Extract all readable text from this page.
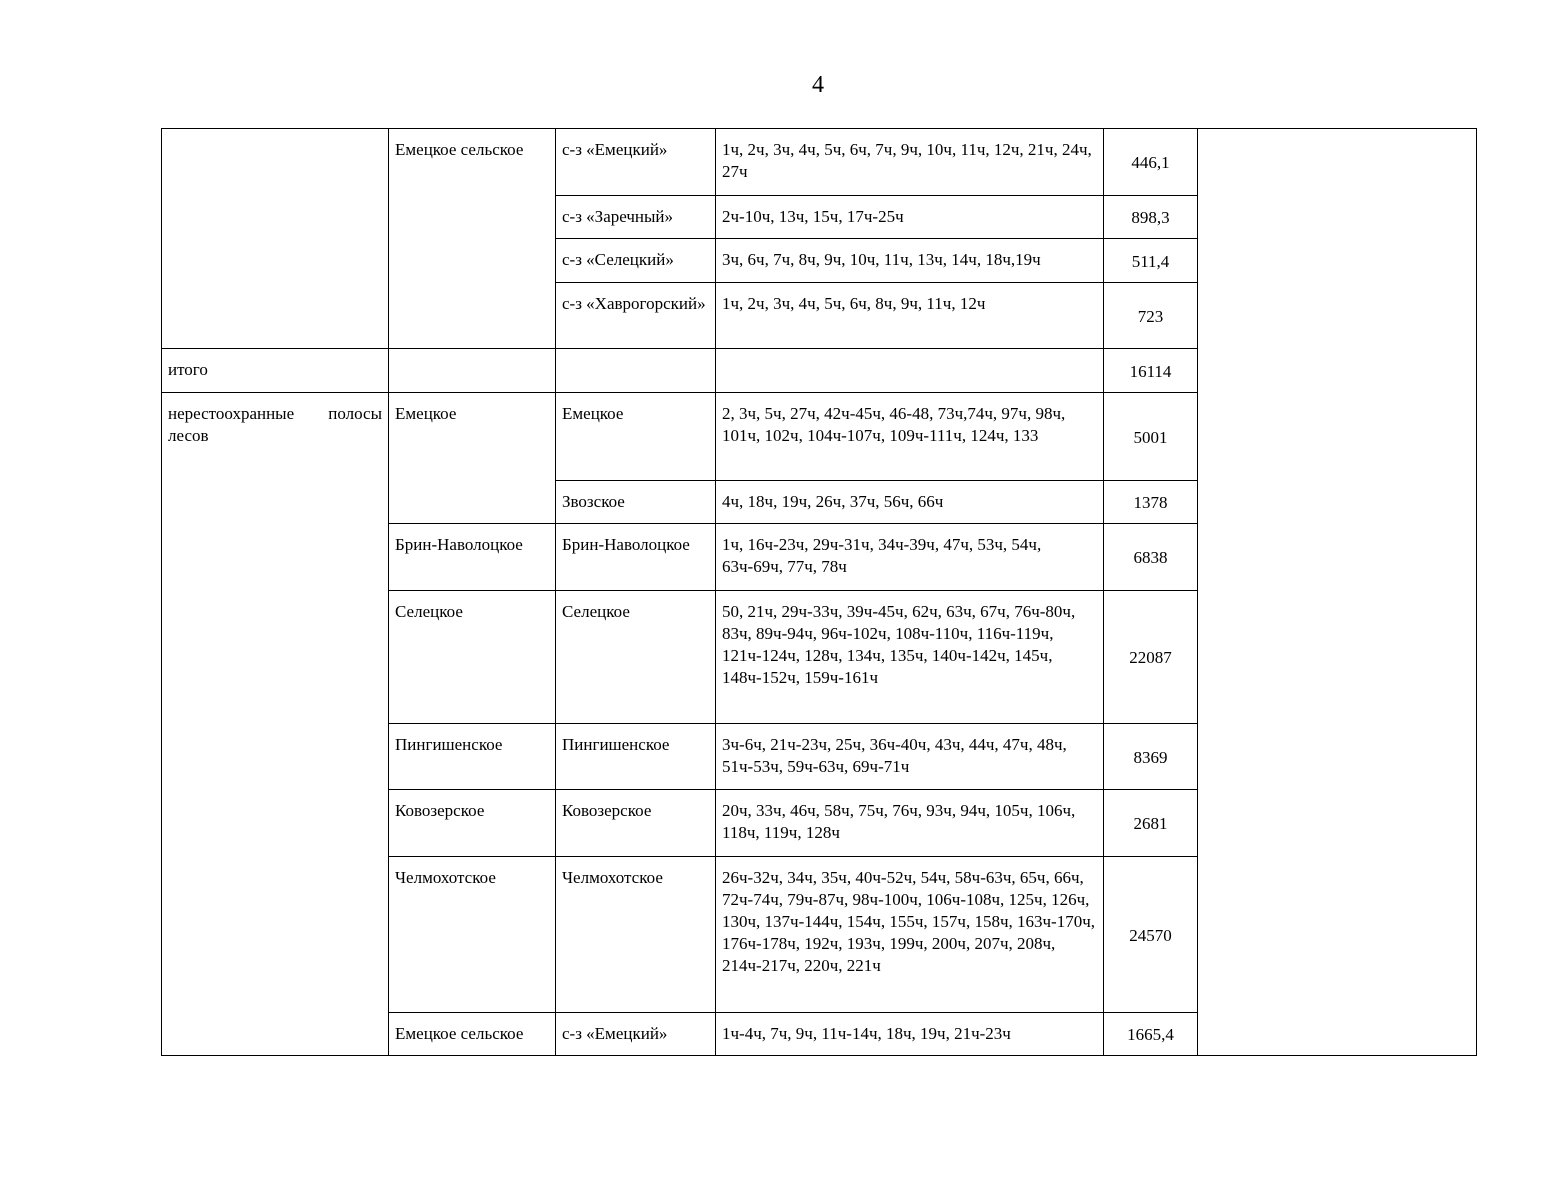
4
	Емецкое сельское	с-з «Емецкий»	1ч, 2ч, 3ч, 4ч, 5ч, 6ч, 7ч, 9ч, 10ч, 11ч, 12ч, 21ч, 24ч, 27ч	446,1	
		с-з «Заречный»	2ч-10ч, 13ч, 15ч, 17ч-25ч	898,3	
		с-з «Селецкий»	3ч, 6ч, 7ч, 8ч, 9ч, 10ч, 11ч, 13ч, 14ч, 18ч,19ч	511,4	
		с-з «Хаврогорский»	1ч, 2ч, 3ч, 4ч, 5ч, 6ч, 8ч, 9ч, 11ч, 12ч	723	
итого				16114	
нерестоохранные полосы лесов	Емецкое	Емецкое	2, 3ч, 5ч, 27ч, 42ч-45ч, 46-48, 73ч,74ч, 97ч, 98ч, 101ч, 102ч, 104ч-107ч, 109ч-111ч, 124ч, 133	5001	
		Звозское	4ч, 18ч, 19ч, 26ч, 37ч, 56ч, 66ч	1378	
	Брин-Наволоцкое	Брин-Наволоцкое	1ч, 16ч-23ч, 29ч-31ч, 34ч-39ч, 47ч, 53ч, 54ч, 63ч-69ч, 77ч, 78ч	6838	
	Селецкое	Селецкое	50, 21ч, 29ч-33ч, 39ч-45ч, 62ч, 63ч, 67ч, 76ч-80ч, 83ч, 89ч-94ч, 96ч-102ч, 108ч-110ч, 116ч-119ч, 121ч-124ч, 128ч, 134ч, 135ч, 140ч-142ч, 145ч, 148ч-152ч, 159ч-161ч	22087	
	Пингишенское	Пингишенское	3ч-6ч, 21ч-23ч, 25ч, 36ч-40ч, 43ч, 44ч, 47ч, 48ч, 51ч-53ч, 59ч-63ч, 69ч-71ч	8369	
	Ковозерское	Ковозерское	20ч, 33ч, 46ч, 58ч, 75ч, 76ч, 93ч, 94ч, 105ч, 106ч, 118ч, 119ч, 128ч	2681	
	Челмохотское	Челмохотское	26ч-32ч, 34ч, 35ч, 40ч-52ч, 54ч, 58ч-63ч, 65ч, 66ч, 72ч-74ч, 79ч-87ч, 98ч-100ч, 106ч-108ч, 125ч, 126ч, 130ч, 137ч-144ч, 154ч, 155ч, 157ч, 158ч, 163ч-170ч, 176ч-178ч, 192ч, 193ч, 199ч, 200ч, 207ч, 208ч, 214ч-217ч, 220ч, 221ч	24570	
	Емецкое сельское	с-з «Емецкий»	1ч-4ч, 7ч, 9ч, 11ч-14ч, 18ч, 19ч, 21ч-23ч	1665,4	
